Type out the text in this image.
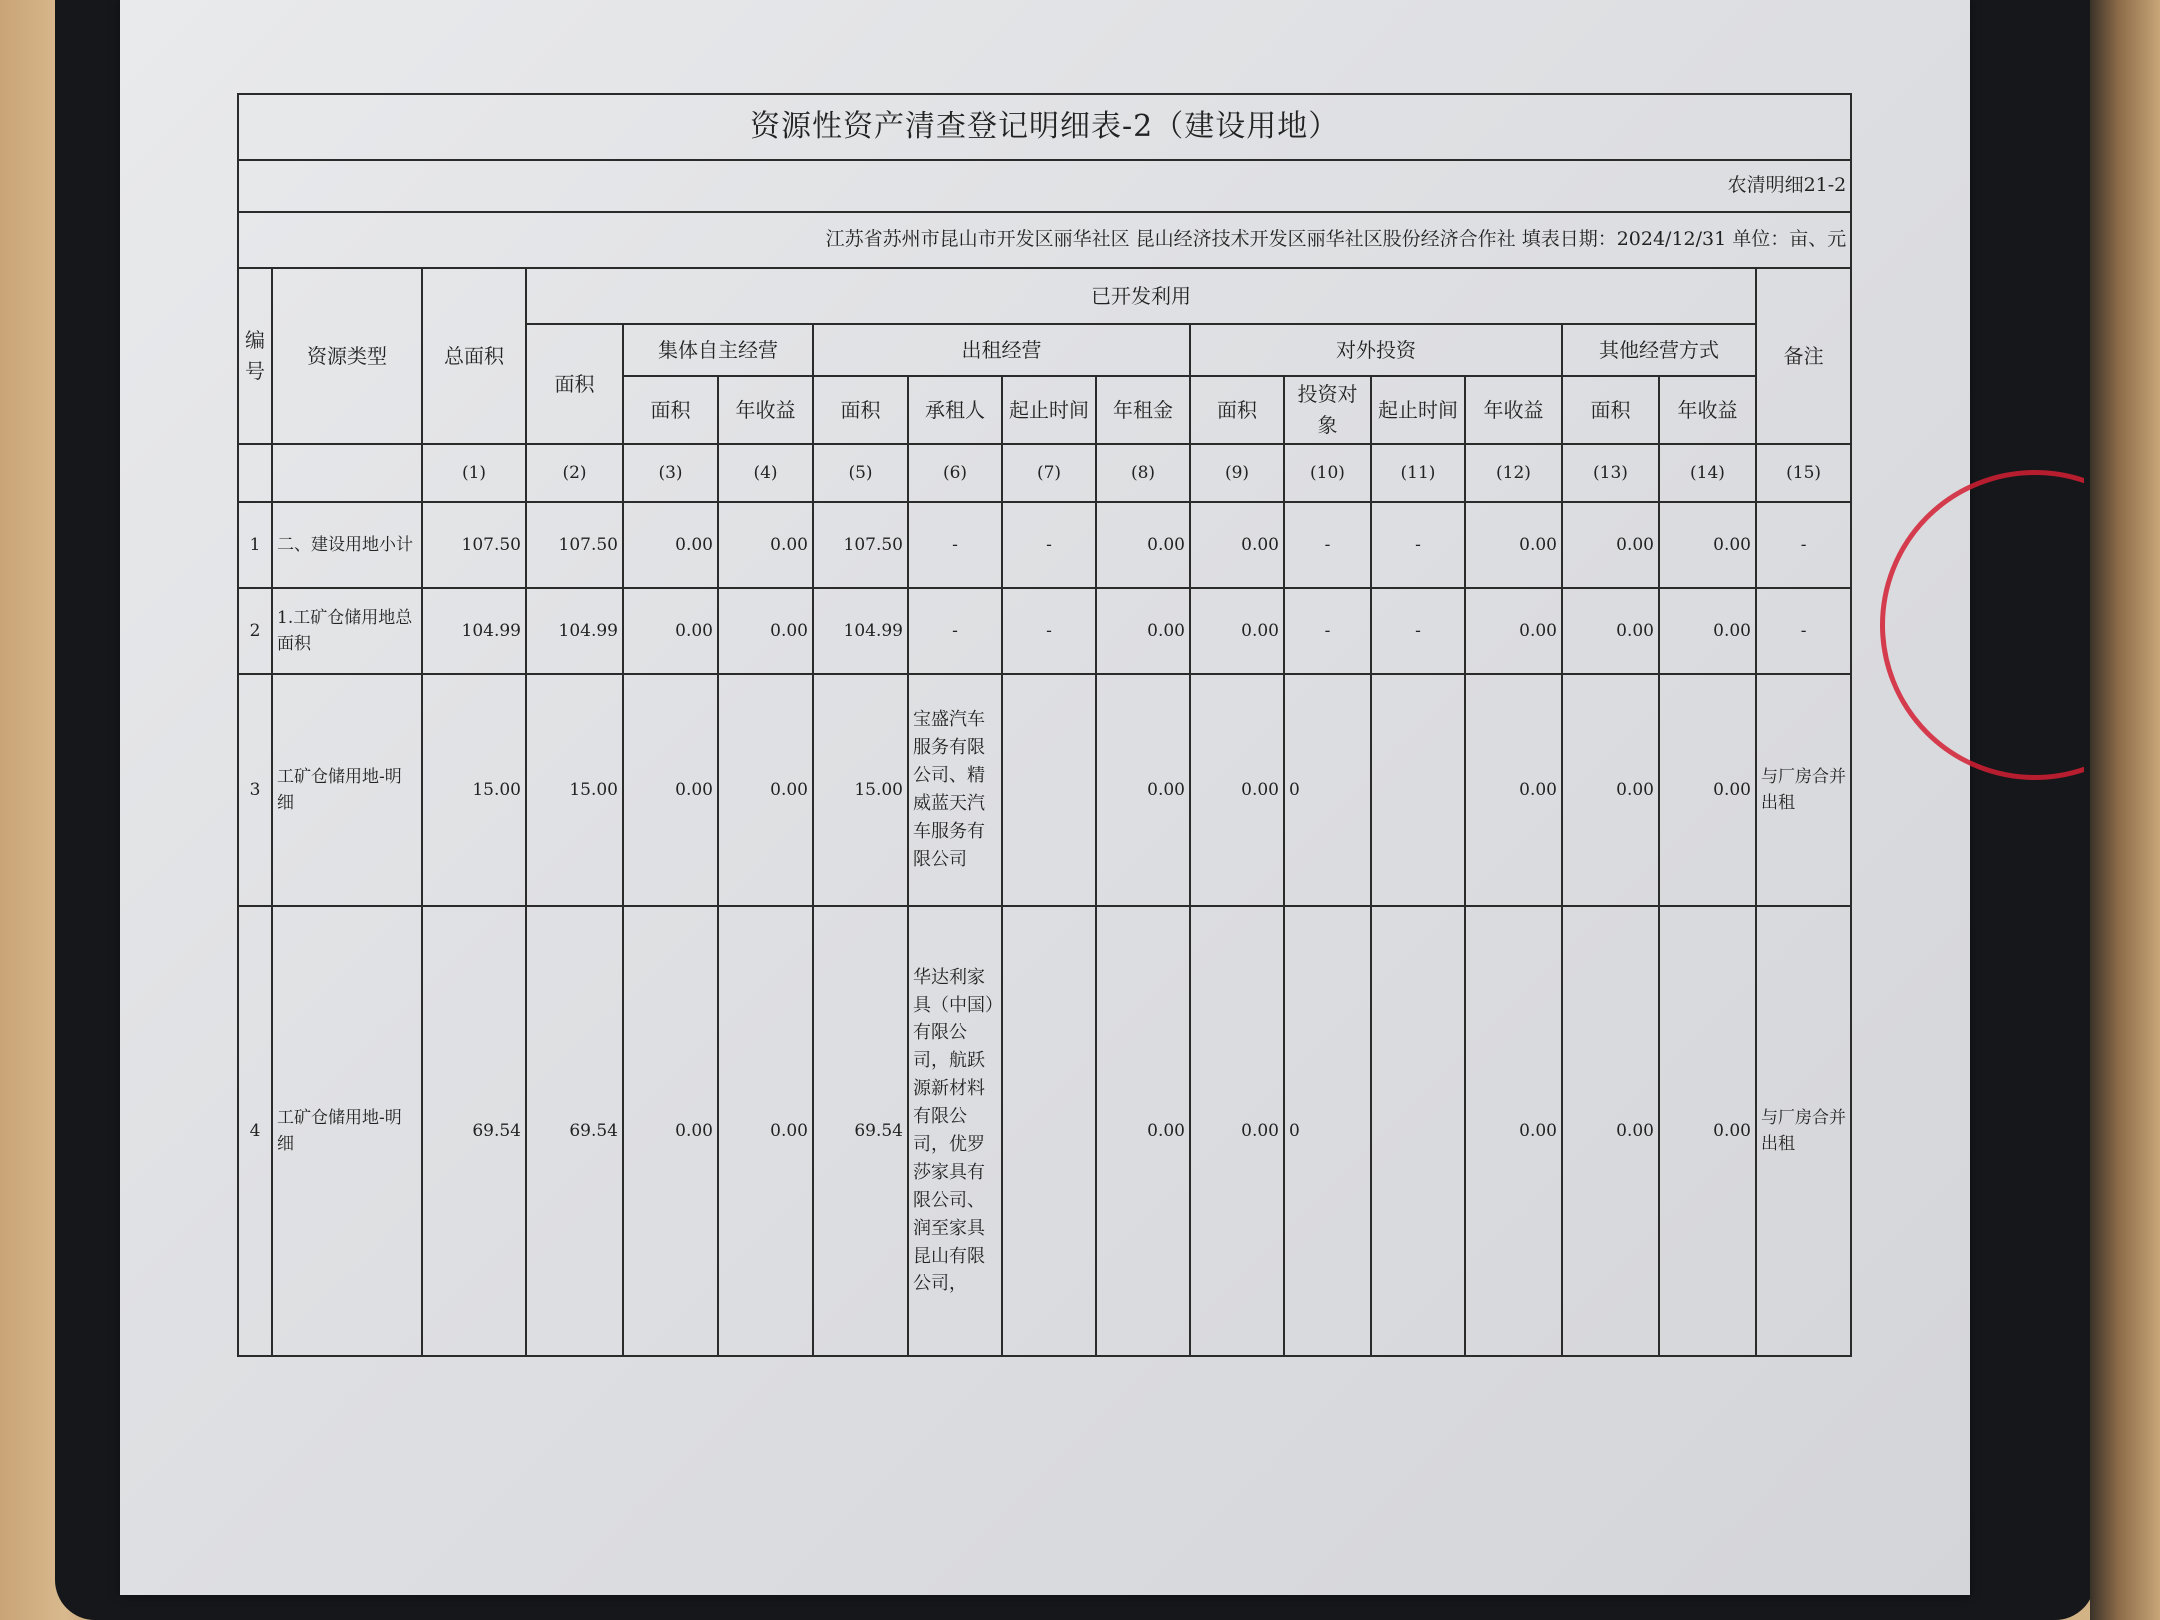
资源性资产清查登记明细表-2（建设用地）																
农清明细21-2																
江苏省苏州市昆山市开发区丽华社区 昆山经济技术开发区丽华社区股份经济合作社 填表日期：2024/12/31 单位：亩、元																
编号	资源类型	总面积	已开发利用													备注
			面积	集体自主经营		出租经营				对外投资				其他经营方式		
				面积	年收益	面积	承租人	起止时间	年租金	面积	投资对象	起止时间	年收益	面积	年收益	
		(1)	(2)	(3)	(4)	(5)	(6)	(7)	(8)	(9)	(10)	(11)	(12)	(13)	(14)	(15)
1	二、建设用地小计	107.50	107.50	0.00	0.00	107.50	-	-	0.00	0.00	-	-	0.00	0.00	0.00	-
2	1.工矿仓储用地总面积	104.99	104.99	0.00	0.00	104.99	-	-	0.00	0.00	-	-	0.00	0.00	0.00	-
3	工矿仓储用地-明细	15.00	15.00	0.00	0.00	15.00	宝盛汽车服务有限公司、精威蓝天汽车服务有限公司		0.00	0.00	0		0.00	0.00	0.00	与厂房合并出租
4	工矿仓储用地-明细	69.54	69.54	0.00	0.00	69.54	华达利家具（中国）有限公司，航跃源新材料有限公司，优罗莎家具有限公司、润至家具昆山有限公司，		0.00	0.00	0		0.00	0.00	0.00	与厂房合并出租
